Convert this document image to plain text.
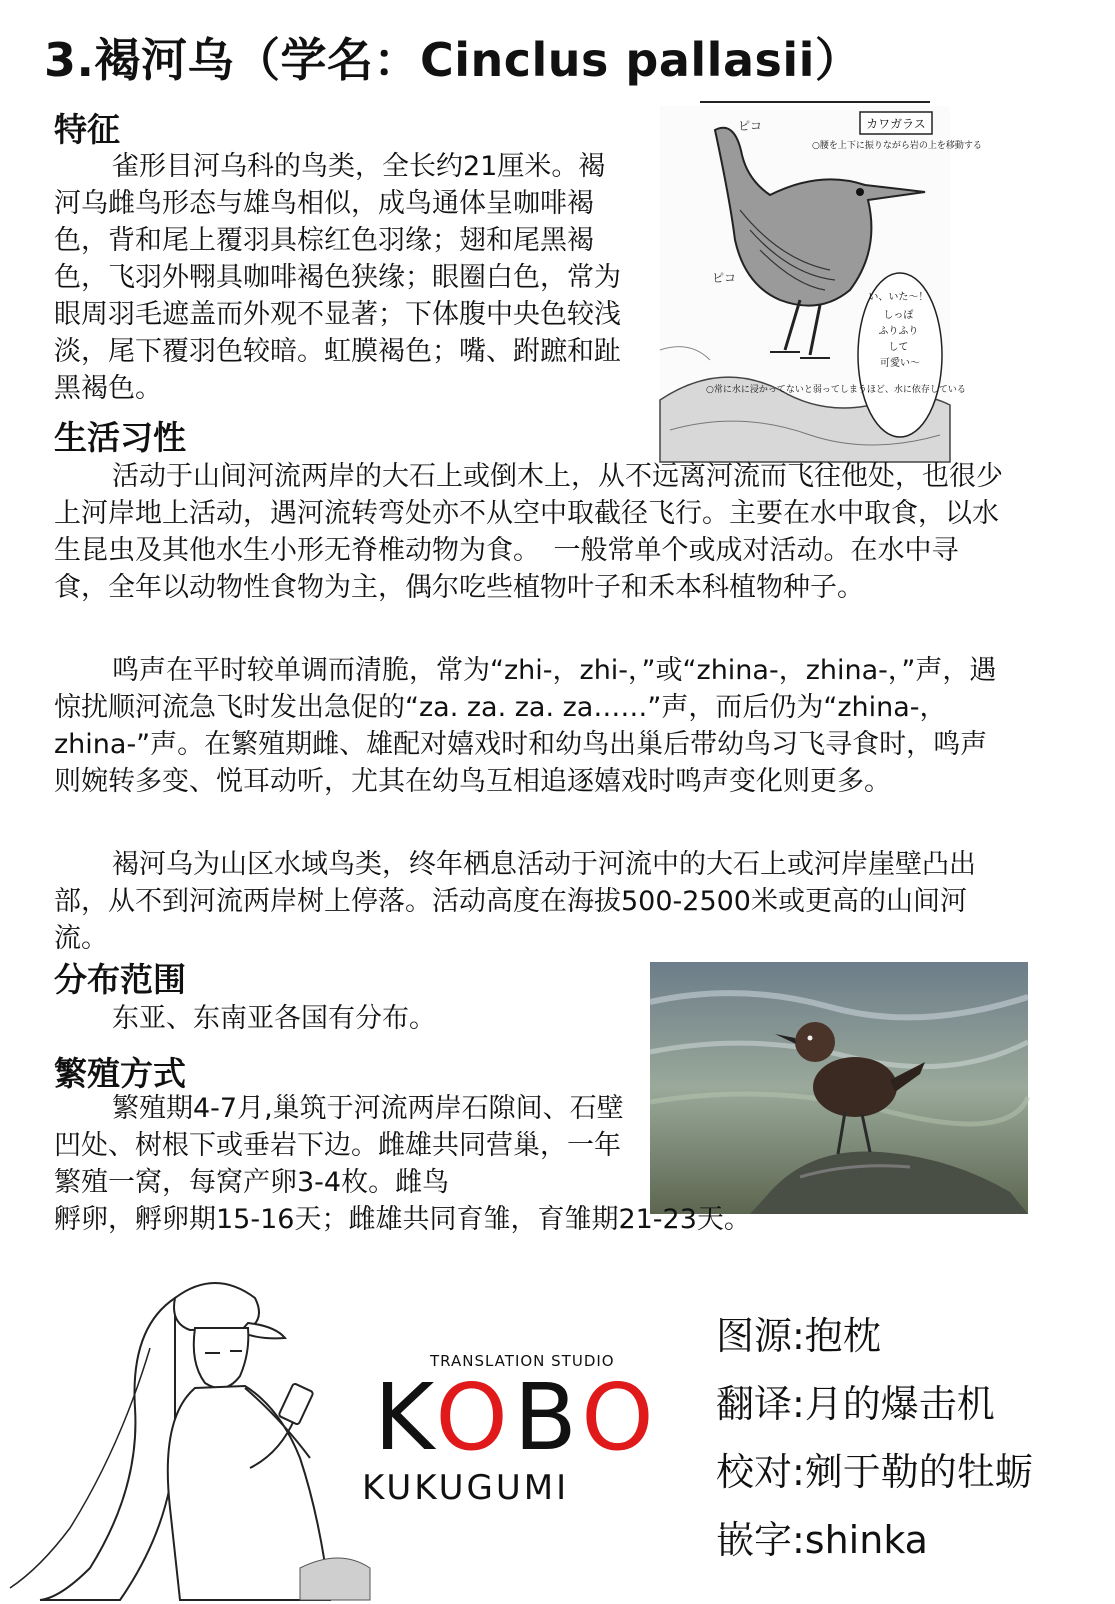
3.褐河乌（学名：Cinclus pallasii）
特征

雀形目河乌科的鸟类，全长约21厘米。褐河乌雌鸟形态与雄鸟相似，成鸟通体呈咖啡褐色，背和尾上覆羽具棕红色羽缘；翅和尾黑褐色，飞羽外翈具咖啡褐色狭缘；眼圈白色，常为眼周羽毛遮盖而外观不显著；下体腹中央色较浅淡，尾下覆羽色较暗。虹膜褐色；嘴、跗蹠和趾黑褐色。

カワガラス
○腰を上下に振りながら岩の上を移動する
い、いた～！ しっぽ ふりふり して 可愛い～
○常に水に浸かってないと弱ってしまうほど、水に依存している
ピコ
ピコ
生活习性

活动于山间河流两岸的大石上或倒木上，从不远离河流而飞往他处，也很少上河岸地上活动，遇河流转弯处亦不从空中取截径飞行。主要在水中取食，以水生昆虫及其他水生小形无脊椎动物为食。　一般常单个或成对活动。在水中寻食，全年以动物性食物为主，偶尔吃些植物叶子和禾本科植物种子。

鸣声在平时较单调而清脆，常为“zhi-，zhi-，”或“zhina-，zhina-，”声，遇惊扰顺河流急飞时发出急促的“za. za. za. za……”声，而后仍为“zhina-，zhina-”声。在繁殖期雌、雄配对嬉戏时和幼鸟出巢后带幼鸟习飞寻食时，鸣声则婉转多变、悦耳动听，尤其在幼鸟互相追逐嬉戏时鸣声变化则更多。

褐河乌为山区水域鸟类，终年栖息活动于河流中的大石上或河岸崖壁凸出部，从不到河流两岸树上停落。活动高度在海拔500-2500米或更高的山间河流。

分布范围

东亚、东南亚各国有分布。

繁殖方式

繁殖期4-7月,巢筑于河流两岸石隙间、石壁凹处、树根下或垂岩下边。雌雄共同营巢，一年繁殖一窝，每窝产卵3-4枚。雌鸟

孵卵，孵卵期15-16天；雌雄共同育雏，育雏期21-23天。

TRANSLATION STUDIO
KOBO
KUKUGUMI
图源:抱枕
翻译:月的爆击机
校对:剜于勒的牡蛎
嵌字:shinka
